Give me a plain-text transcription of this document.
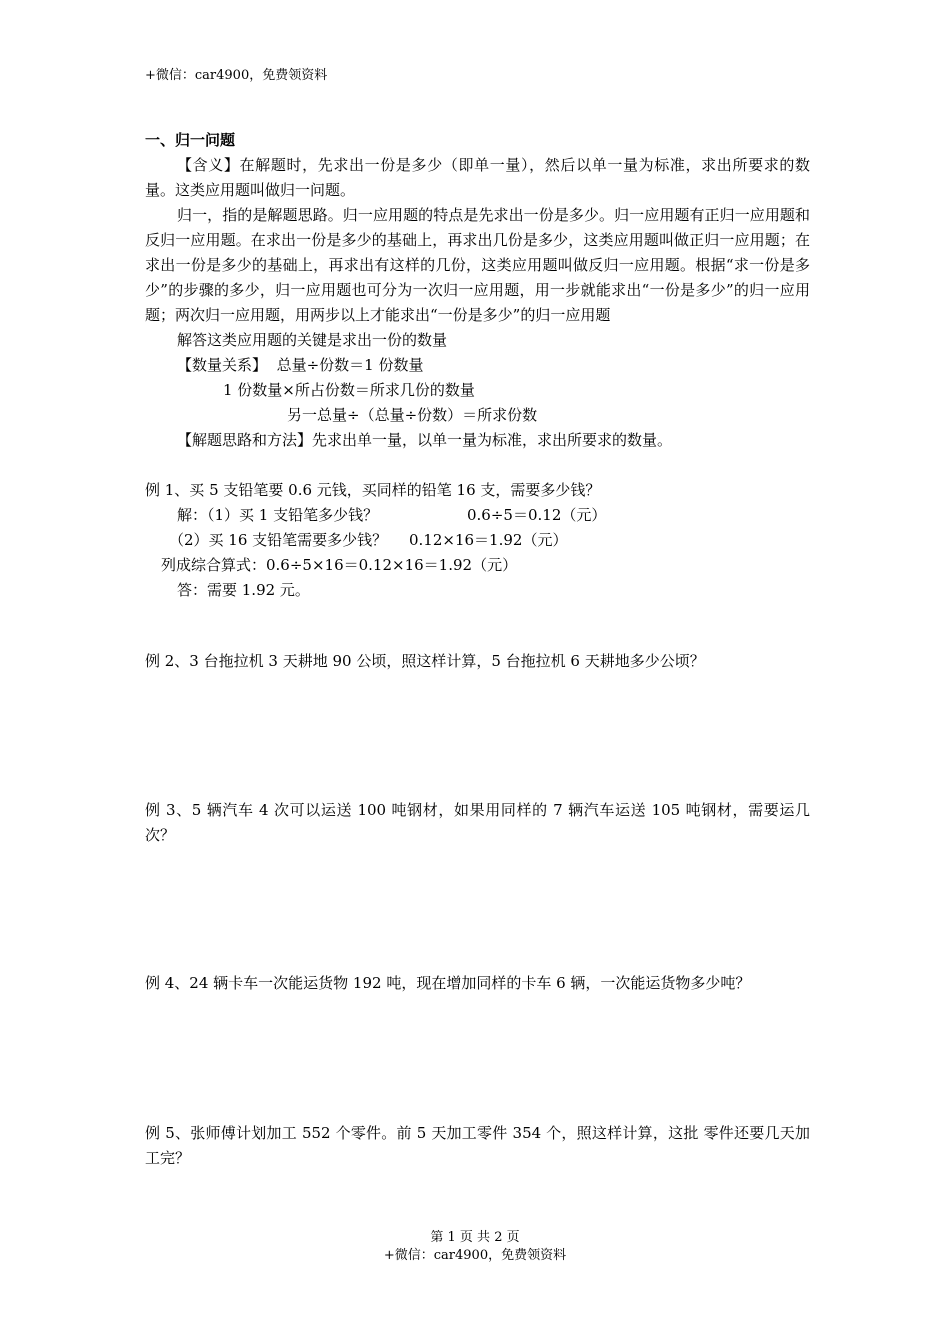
+微信：car4900，免费领资料
一、归一问题
【含义】在解题时，先求出一份是多少（即单一量），然后以单一量为标准，求出所要求的数量。这类应用题叫做归一问题。
归一，指的是解题思路。归一应用题的特点是先求出一份是多少。归一应用题有正归一应用题和反归一应用题。在求出一份是多少的基础上，再求出几份是多少，这类应用题叫做正归一应用题；在求出一份是多少的基础上，再求出有这样的几份，这类应用题叫做反归一应用题。根据“求一份是多少”的步骤的多少，归一应用题也可分为一次归一应用题，用一步就能求出“一份是多少”的归一应用题；两次归一应用题，用两步以上才能求出“一份是多少”的归一应用题
解答这类应用题的关键是求出一份的数量
【数量关系】 总量÷份数＝1 份数量
1 份数量×所占份数＝所求几份的数量
另一总量÷（总量÷份数）＝所求份数
【解题思路和方法】先求出单一量，以单一量为标准，求出所要求的数量。
例 1、买 5 支铅笔要 0.6 元钱，买同样的铅笔 16 支，需要多少钱？
解：（1）买 1 支铅笔多少钱？	0.6÷5＝0.12（元）
（2）买 16 支铅笔需要多少钱？ 0.12×16＝1.92（元）
列成综合算式：0.6÷5×16＝0.12×16＝1.92（元）
答：需要 1.92 元。
例 2、3 台拖拉机 3 天耕地 90 公顷，照这样计算，5 台拖拉机 6 天耕地多少公顷？
例 3、5 辆汽车 4 次可以运送 100 吨钢材，如果用同样的 7 辆汽车运送 105 吨钢材，需要运几次？
例 4、24 辆卡车一次能运货物 192 吨，现在增加同样的卡车 6 辆，一次能运货物多少吨？
例 5、张师傅计划加工 552 个零件。前 5 天加工零件 354 个，照这样计算，这批 零件还要几天加工完？
第 1 页 共 2 页
+微信：car4900，免费领资料
